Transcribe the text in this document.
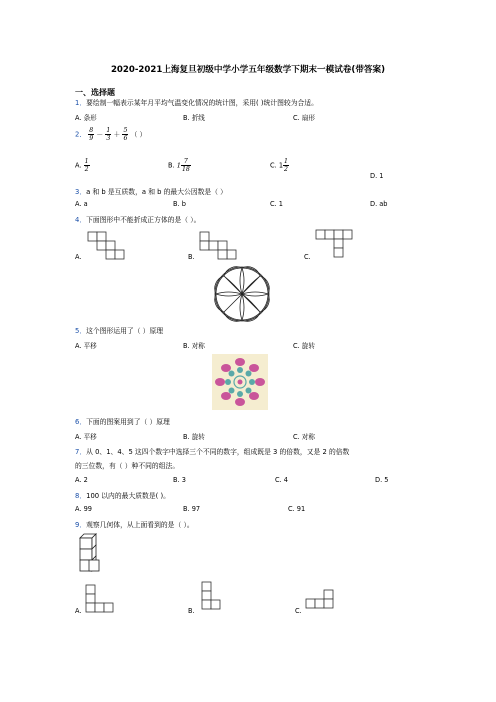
2020-2021上海复旦初级中学小学五年级数学下期末一模试卷(带答案)
一、选择题
1．要绘制一幅表示某年月平均气温变化情况的统计图，采用( )统计图较为合适。
A. 条形	B. 折线	C. 扇形
2． $\frac{8}{9} - \frac{1}{3} + \frac{5}{6}$ （ ）
A. $\frac{1}{2}$	B. $1 \frac{7}{18}$	C. $1 \frac{1}{2}$
D. 1
3．a 和 b 是互质数，a 和 b 的最大公因数是（ ）
A. a	B. b	C. 1	D. ab
4．下面图形中不能折成正方体的是（ ）。
A.	B.	C.
5．这个图形运用了（ ）原理
A. 平移	B. 对称	C. 旋转
6．下面的图案用到了（ ）原理
A. 平移	B. 旋转	C. 对称
7．从 0、1、4、5 这四个数字中选择三个不同的数字，组成既是 3 的倍数，又是 2 的倍数
的三位数，有（ ）种不同的组法。
A. 2	B. 3	C. 4	D. 5
8．100 以内的最大质数是( )。
A. 99	B. 97	C. 91
9．观察几何体，从上面看到的是（ ）。
A.	B.	C.
